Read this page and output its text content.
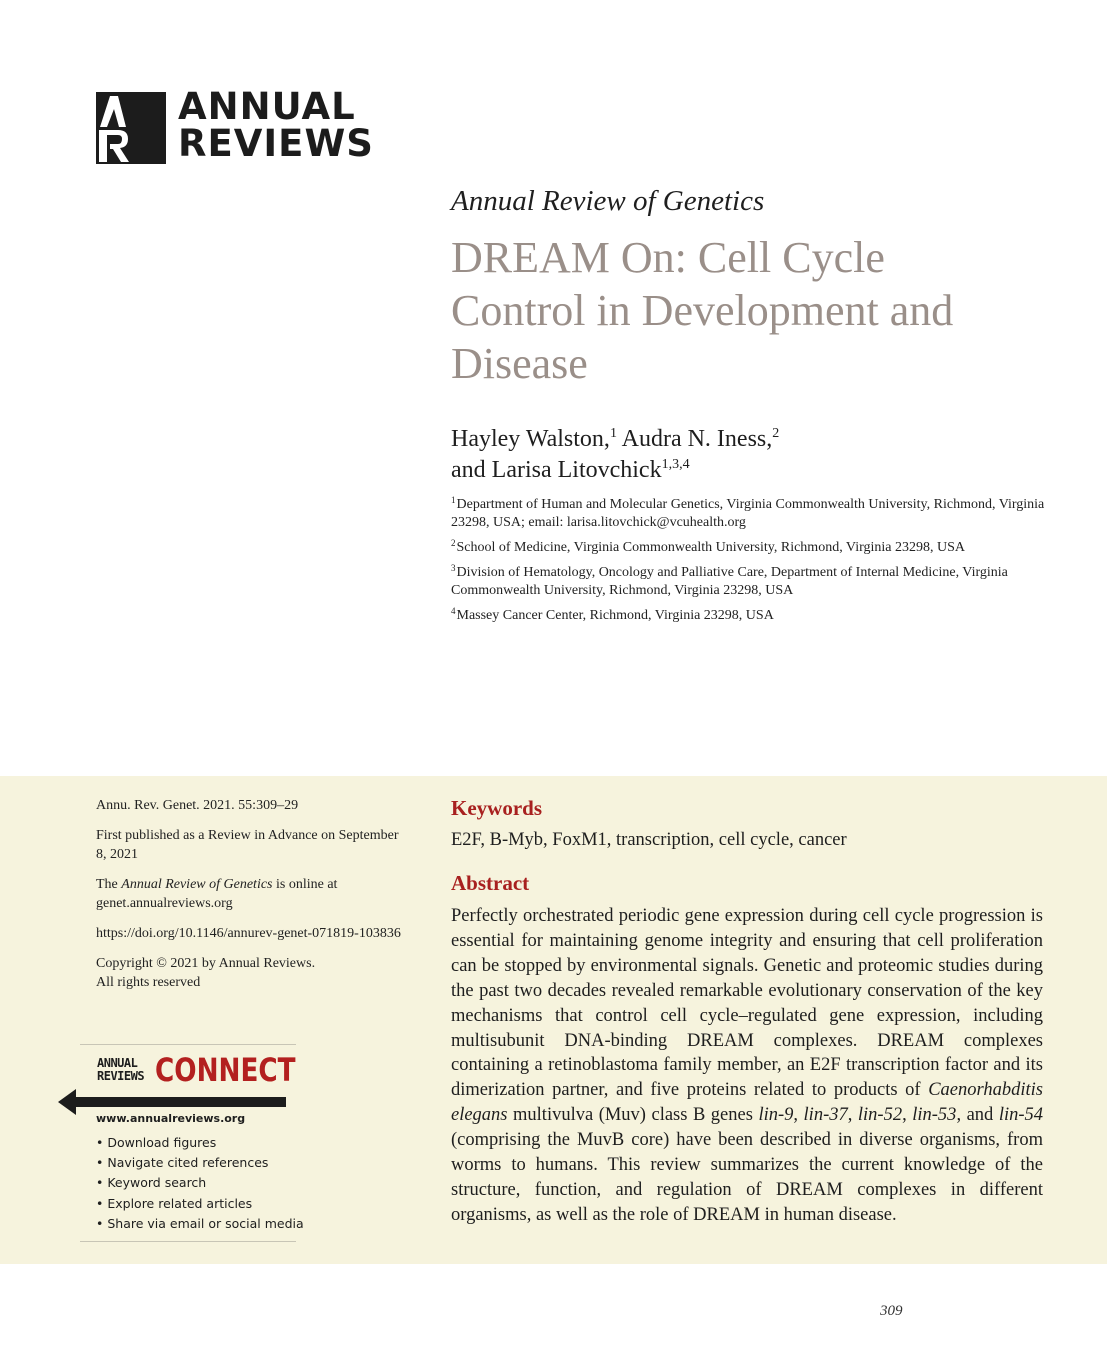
ANNUAL
REVIEWS
Annual Review of Genetics
DREAM On: Cell Cycle Control in Development and Disease
Hayley Walston,$^1$ Audra N. Iness,$^2$
and Larisa Litovchick$^{1,3,4}$
$^1$Department of Human and Molecular Genetics, Virginia Commonwealth University, Richmond, Virginia 23298, USA; email: larisa.litovchick@vcuhealth.org
$^2$School of Medicine, Virginia Commonwealth University, Richmond, Virginia 23298, USA
$^3$Division of Hematology, Oncology and Palliative Care, Department of Internal Medicine, Virginia Commonwealth University, Richmond, Virginia 23298, USA
$^4$Massey Cancer Center, Richmond, Virginia 23298, USA
Annu. Rev. Genet. 2021. 55:309–29
First published as a Review in Advance on September 8, 2021
The Annual Review of Genetics is online at genet.annualreviews.org
https://doi.org/10.1146/annurev-genet-071819-103836
Copyright © 2021 by Annual Reviews.
All rights reserved
ANNUAL
REVIEWS CONNECT
www.annualreviews.org
• Download figures
• Navigate cited references
• Keyword search
• Explore related articles
• Share via email or social media
Keywords
E2F, B-Myb, FoxM1, transcription, cell cycle, cancer
Abstract

Perfectly orchestrated periodic gene expression during cell cycle progression is essential for maintaining genome integrity and ensuring that cell proliferation can be stopped by environmental signals. Genetic and proteomic studies during the past two decades revealed remarkable evolutionary conservation of the key mechanisms that control cell cycle–regulated gene expression, including multisubunit DNA-binding DREAM complexes. DREAM complexes containing a retinoblastoma family member, an E2F transcription factor and its dimerization partner, and five proteins related to products of Caenorhabditis elegans multivulva (Muv) class B genes lin-9, lin-37, lin-52, lin-53, and lin-54 (comprising the MuvB core) have been described in diverse organisms, from worms to humans. This review summarizes the current knowledge of the structure, function, and regulation of DREAM complexes in different organisms, as well as the role of DREAM in human disease.

309
